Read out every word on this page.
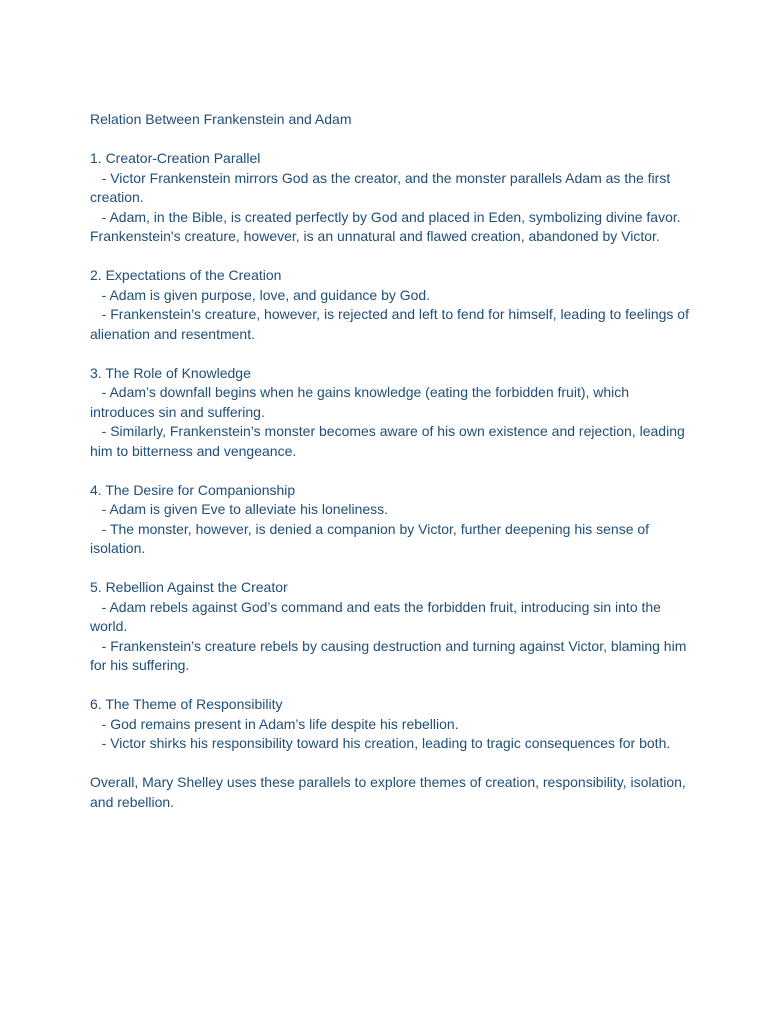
Relation Between Frankenstein and Adam
1. Creator-Creation Parallel
- Victor Frankenstein mirrors God as the creator, and the monster parallels Adam as the first creation.
- Adam, in the Bible, is created perfectly by God and placed in Eden, symbolizing divine favor. Frankenstein's creature, however, is an unnatural and flawed creation, abandoned by Victor.
2. Expectations of the Creation
- Adam is given purpose, love, and guidance by God.
- Frankenstein’s creature, however, is rejected and left to fend for himself, leading to feelings of alienation and resentment.
3. The Role of Knowledge
- Adam’s downfall begins when he gains knowledge (eating the forbidden fruit), which introduces sin and suffering.
- Similarly, Frankenstein’s monster becomes aware of his own existence and rejection, leading him to bitterness and vengeance.
4. The Desire for Companionship
- Adam is given Eve to alleviate his loneliness.
- The monster, however, is denied a companion by Victor, further deepening his sense of isolation.
5. Rebellion Against the Creator
- Adam rebels against God’s command and eats the forbidden fruit, introducing sin into the world.
- Frankenstein’s creature rebels by causing destruction and turning against Victor, blaming him for his suffering.
6. The Theme of Responsibility
- God remains present in Adam’s life despite his rebellion.
- Victor shirks his responsibility toward his creation, leading to tragic consequences for both.
Overall, Mary Shelley uses these parallels to explore themes of creation, responsibility, isolation, and rebellion.
